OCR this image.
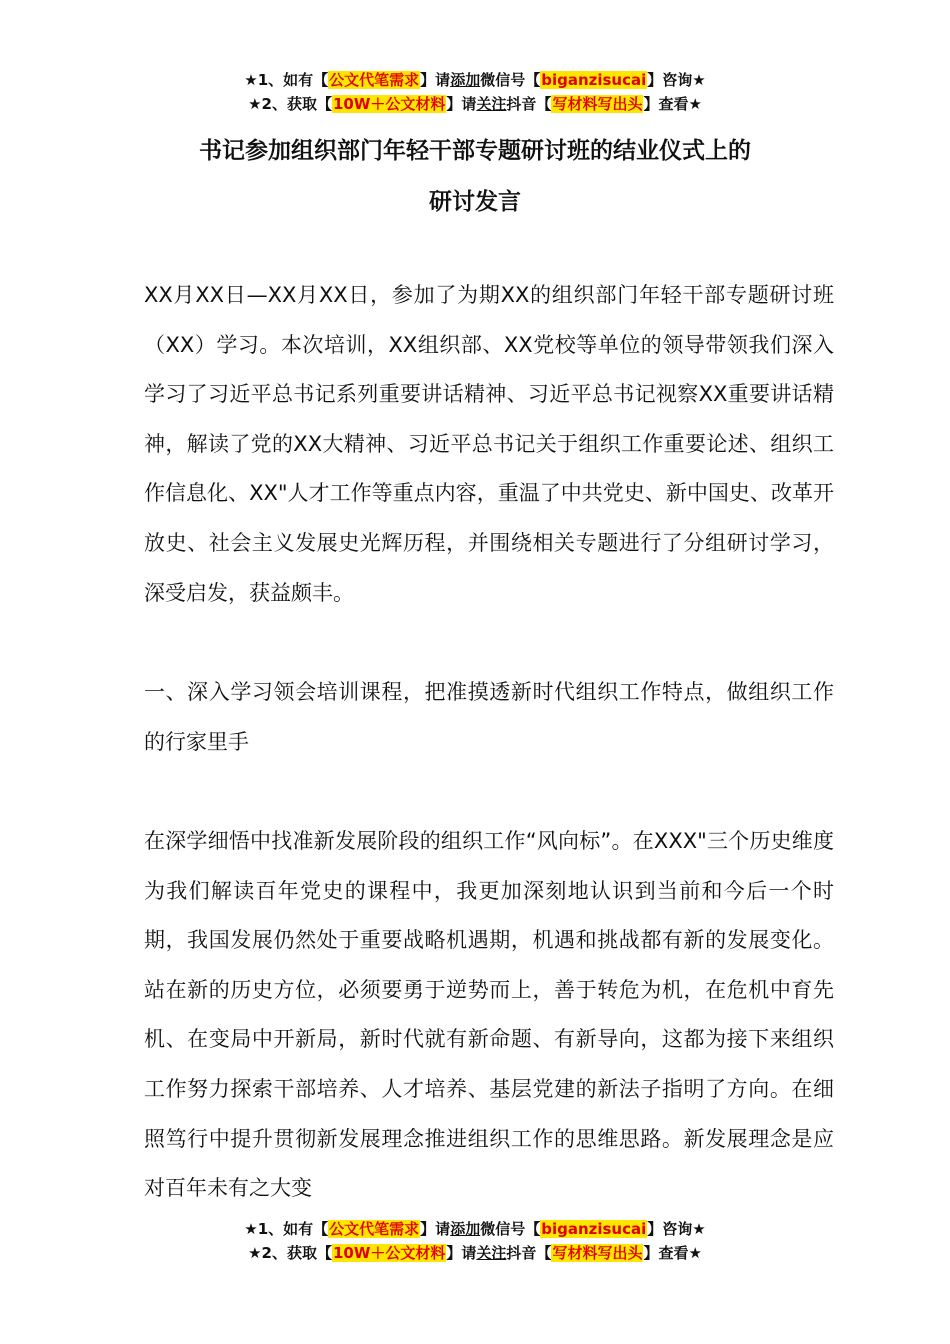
★1、如有【公文代笔需求】请添加微信号【biganzisucai】咨询★
★2、获取【10W＋公文材料】请关注抖音【写材料写出头】查看★
书记参加组织部门年轻干部专题研讨班的结业仪式上的
研讨发言

XX月XX日—XX月XX日，参加了为期XX的组织部门年轻干部专题研讨班（XX）学习。本次培训，XX组织部、XX党校等单位的领导带领我们深入学习了习近平总书记系列重要讲话精神、习近平总书记视察XX重要讲话精神，解读了党的XX大精神、习近平总书记关于组织工作重要论述、组织工作信息化、XX"人才工作等重点内容，重温了中共党史、新中国史、改革开放史、社会主义发展史光辉历程，并围绕相关专题进行了分组研讨学习，深受启发，获益颇丰。

一、深入学习领会培训课程，把准摸透新时代组织工作特点，做组织工作的行家里手

在深学细悟中找准新发展阶段的组织工作“风向标”。在XXX"三个历史维度为我们解读百年党史的课程中，我更加深刻地认识到当前和今后一个时期，我国发展仍然处于重要战略机遇期，机遇和挑战都有新的发展变化。站在新的历史方位，必须要勇于逆势而上，善于转危为机，在危机中育先机、在变局中开新局，新时代就有新命题、有新导向，这都为接下来组织工作努力探索干部培养、人才培养、基层党建的新法子指明了方向。在细照笃行中提升贯彻新发展理念推进组织工作的思维思路。新发展理念是应对百年未有之大变

★1、如有【公文代笔需求】请添加微信号【biganzisucai】咨询★
★2、获取【10W＋公文材料】请关注抖音【写材料写出头】查看★
